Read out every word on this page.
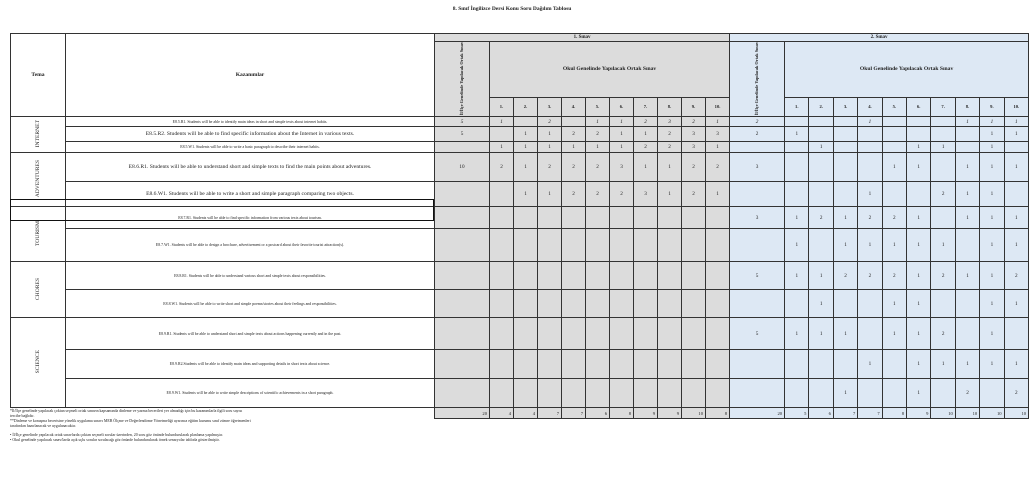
8. Sınıf İngilizce Dersi Konu Soru Dağılım Tablosu
Tema	Kazanımlar	1. Sınav											2. Sınav										
		İl/İlçe Genelinde Yapılacak Ortak Sınav	Okul Genelinde Yapılacak Ortak Sınav										İl/İlçe Genelinde Yapılacak Ortak Sınav	Okul Genelinde Yapılacak Ortak Sınav									
			1.	2.	3.	4.	5.	6.	7.	8.	9.	10.		1.	2.	3.	4.	5.	6.	7.	8.	9.	10.
INTERNET	E8.5.R1. Students will be able to identify main ideas in short and simple texts about internet habits.	5	1		2		1	1	2	3	2	1	2				1				1	1	1
	E8.5.R2. Students will be able to find specific information about the Internet in various texts.	5		1	1	2	2	1	1	2	3	3	2	1								1	1
	E8.5.W1. Students will be able to write a basic paragraph to describe their internet habits.		1	1	1	1	1	1	2	2	3	1			1				1	1		1	
ADVENTURES	E8.6.R1. Students will be able to understand short and simple texts to find the main points about adventures.	10	2	1	2	2	2	3	1	1	2	2	3					1	1		1	1	1
	E8.6.W1. Students will be able to write a short and simple paragraph comparing two objects.			1	1	2	2	2	3	1	2	1					1			2	1	1	
TOURISM	E8.7.R1. Students will be able to find specific information from various texts about tourism.												3	1	2	1	2	2	1		1	1	1
	E8.7.W1. Students will be able to design a brochure, advertisement or a postcard about their favorite tourist attraction(s).													1		1	1	1	1	1		1	1
CHORES	E8.8.R1. Students will be able to understand various short and simple texts about responsibilities.												5	1	1	2	2	2	1	2	1	1	2
	E8.8.W1. Students will be able to write short and simple poems/stories about their feelings and responsibilities.														1			1	1			1	1
SCIENCE	E8.9.R1. Students will be able to understand short and simple texts about actions happening currently and in the past.												5	1	1	1		1	1	2		1	
	E8.9.R2.Students will be able to identify main ideas and supporting details in short texts about science.																1		1	1	1	1	1
	E8.9.W1. Students will be able to write simple descriptions of scientific achievements in a short paragraph.															1			1		2		2
		20	4	4	7	7	6	8	9	9	10	8	20	5	6	7	7	8	9	10	10	10	10
*İl/İlçe genelinde yapılacak çoktan seçmeli ortak sınavın kapsamında dinleme ve yazma becerileri yer almadığı için bu kazanımlarla ilgili soru sayısı
tercihe bağlıdır.
**Dinleme ve konuşma becerisine yönelik uygulama sınavı MEB Ölçme ve Değerlendirme Yönetmeliği uyarınca eğitim kurumu sınıf zümre öğretmenleri
tarafından hazırlanacak ve uygulanacaktır.
• İl/İlçe genelinde yapılacak ortak sınavlarda çoktan seçmeli sorular üzerinden, 20 soru göz önünde bulundurularak planlama yapılmıştır.
• Okul genelinde yapılacak sınav/larda açık uçlu sorular sorulacağı göz önünde bulundurularak örnek senaryolar tabloda gösterilmiştir.
